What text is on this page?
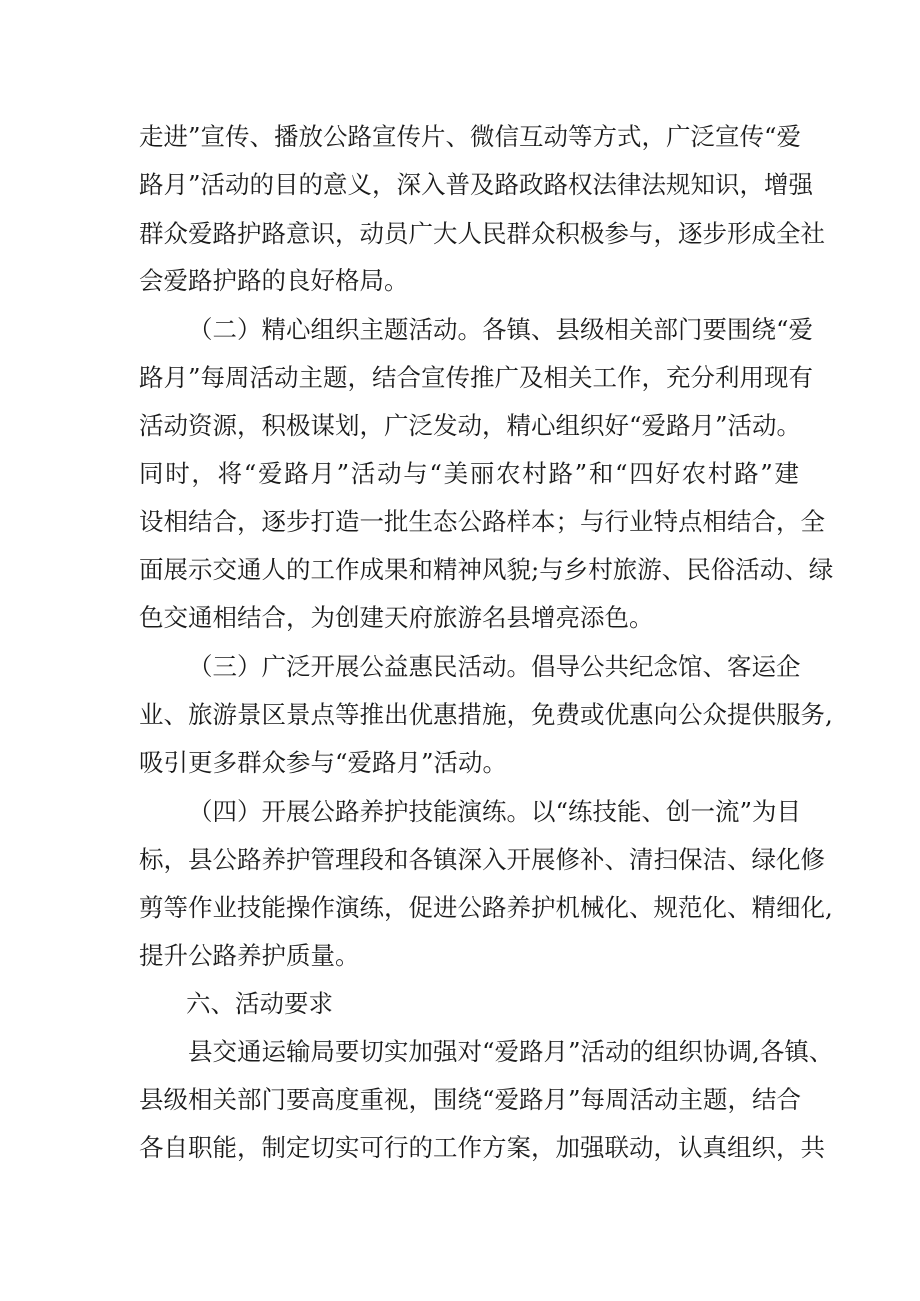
走进”宣传、播放公路宣传片、微信互动等方式，广泛宣传“爱
路月”活动的目的意义，深入普及路政路权法律法规知识，增强
群众爱路护路意识，动员广大人民群众积极参与，逐步形成全社
会爱路护路的良好格局。
（二）精心组织主题活动。各镇、县级相关部门要围绕“爱
路月”每周活动主题，结合宣传推广及相关工作，充分利用现有
活动资源，积极谋划，广泛发动，精心组织好“爱路月”活动。
同时，将“爱路月”活动与“美丽农村路”和“四好农村路”建
设相结合，逐步打造一批生态公路样本；与行业特点相结合，全
面展示交通人的工作成果和精神风貌;与乡村旅游、民俗活动、绿
色交通相结合，为创建天府旅游名县增亮添色。
（三）广泛开展公益惠民活动。倡导公共纪念馆、客运企
业、旅游景区景点等推出优惠措施，免费或优惠向公众提供服务,
吸引更多群众参与“爱路月”活动。
（四）开展公路养护技能演练。以“练技能、创一流”为目
标，县公路养护管理段和各镇深入开展修补、清扫保洁、绿化修
剪等作业技能操作演练，促进公路养护机械化、规范化、精细化,
提升公路养护质量。
六、活动要求
县交通运输局要切实加强对“爱路月”活动的组织协调,各镇、
县级相关部门要高度重视，围绕“爱路月”每周活动主题，结合
各自职能，制定切实可行的工作方案，加强联动，认真组织，共
